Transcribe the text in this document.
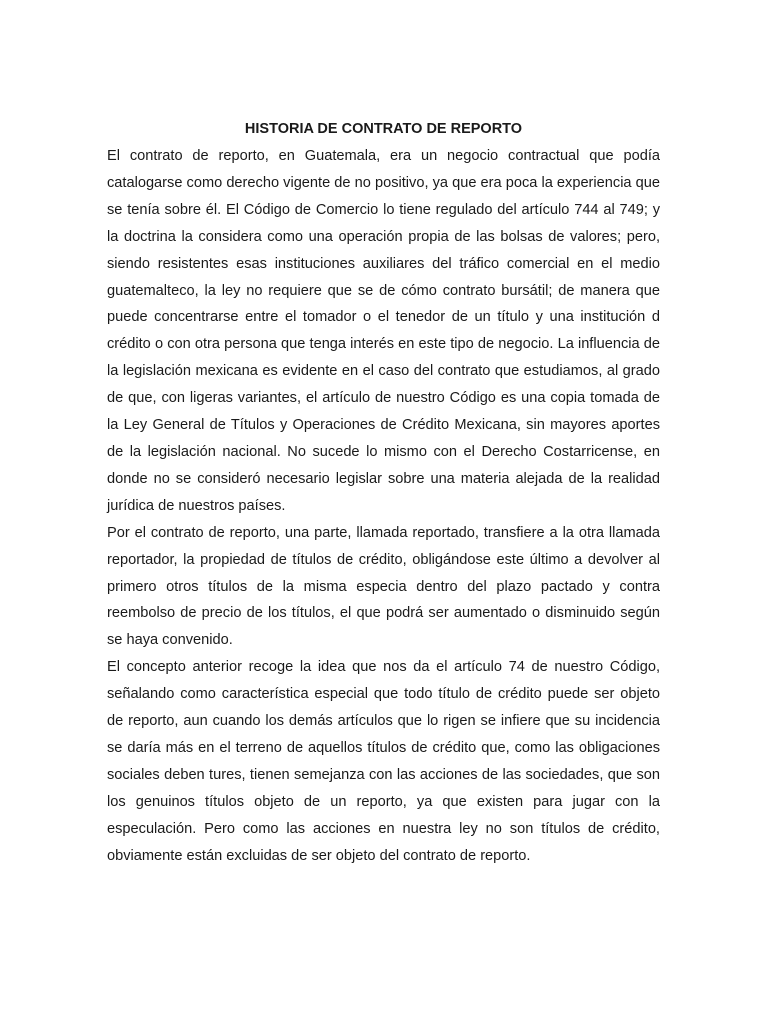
HISTORIA DE CONTRATO DE REPORTO

El contrato de reporto, en Guatemala, era un negocio contractual que podía catalogarse como derecho vigente de no positivo, ya que era poca la experiencia que se tenía sobre él. El Código de Comercio lo tiene regulado del artículo 744 al 749; y la doctrina la considera como una operación propia de las bolsas de valores; pero, siendo resistentes esas instituciones auxiliares del tráfico comercial en el medio guatemalteco, la ley no requiere que se de cómo contrato bursátil; de manera que puede concentrarse entre el tomador o el tenedor de un título y una institución d crédito o con otra persona que tenga interés en este tipo de negocio. La influencia de la legislación mexicana es evidente en el caso del contrato que estudiamos, al grado de que, con ligeras variantes, el artículo de nuestro Código es una copia tomada de la Ley General de Títulos y Operaciones de Crédito Mexicana, sin mayores aportes de la legislación nacional. No sucede lo mismo con el Derecho Costarricense, en donde no se consideró necesario legislar sobre una materia alejada de la realidad jurídica de nuestros países.

Por el contrato de reporto, una parte, llamada reportado, transfiere a la otra llamada reportador, la propiedad de títulos de crédito, obligándose este último a devolver al primero otros títulos de la misma especia dentro del plazo pactado y contra reembolso de precio de los títulos, el que podrá ser aumentado o disminuido según se haya convenido.

El concepto anterior recoge la idea que nos da el artículo 74 de nuestro Código, señalando como característica especial que todo título de crédito puede ser objeto de reporto, aun cuando los demás artículos que lo rigen se infiere que su incidencia se daría más en el terreno de aquellos títulos de crédito que, como las obligaciones sociales deben tures, tienen semejanza con las acciones de las sociedades, que son los genuinos títulos objeto de un reporto, ya que existen para jugar con la especulación. Pero como las acciones en nuestra ley no son títulos de crédito, obviamente están excluidas de ser objeto del contrato de reporto.
